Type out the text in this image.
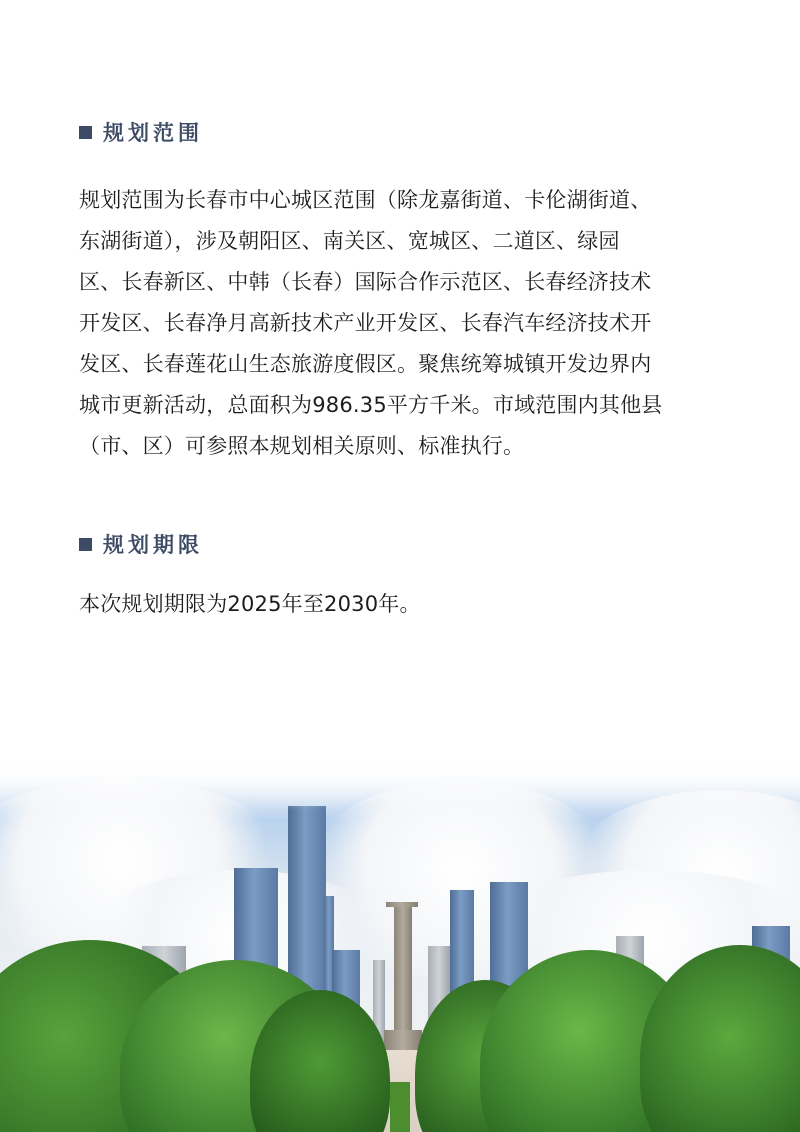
规划范围
规划范围为长春市中心城区范围（除龙嘉街道、卡伦湖街道、
东湖街道），涉及朝阳区、南关区、宽城区、二道区、绿园
区、长春新区、中韩（长春）国际合作示范区、长春经济技术
开发区、长春净月高新技术产业开发区、长春汽车经济技术开
发区、长春莲花山生态旅游度假区。聚焦统筹城镇开发边界内
城市更新活动，总面积为986.35平方千米。市域范围内其他县
（市、区）可参照本规划相关原则、标准执行。
规划期限
本次规划期限为2025年至2030年。
